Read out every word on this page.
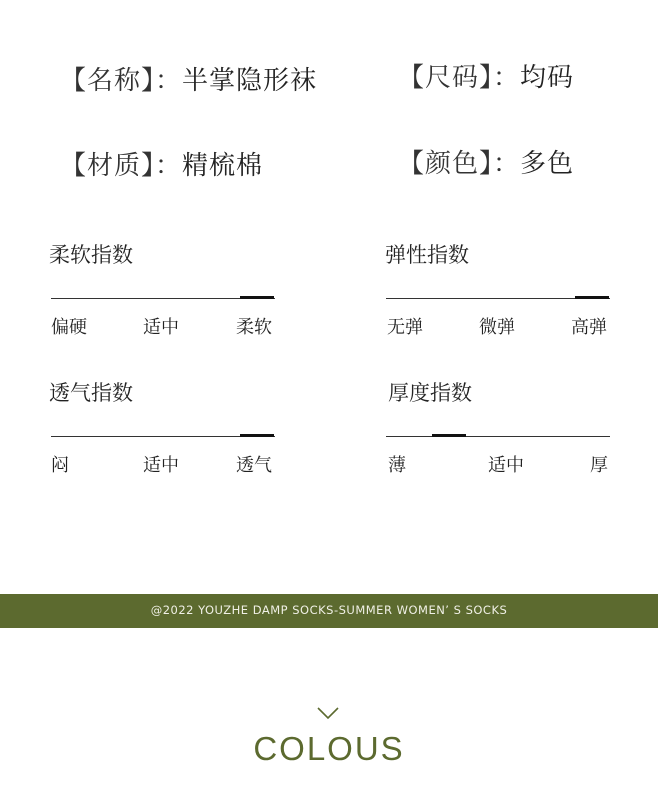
【名称】：半掌隐形袜	【尺码】：均码
【材质】：精梳棉	【颜色】：多色
柔软指数
偏硬	适中	柔软
弹性指数
无弹	微弹	高弹
透气指数
闷	适中	透气
厚度指数
薄	适中	厚
@2022 YOUZHE DAMP SOCKS-SUMMER WOMEN’ S SOCKS
COLOUS
